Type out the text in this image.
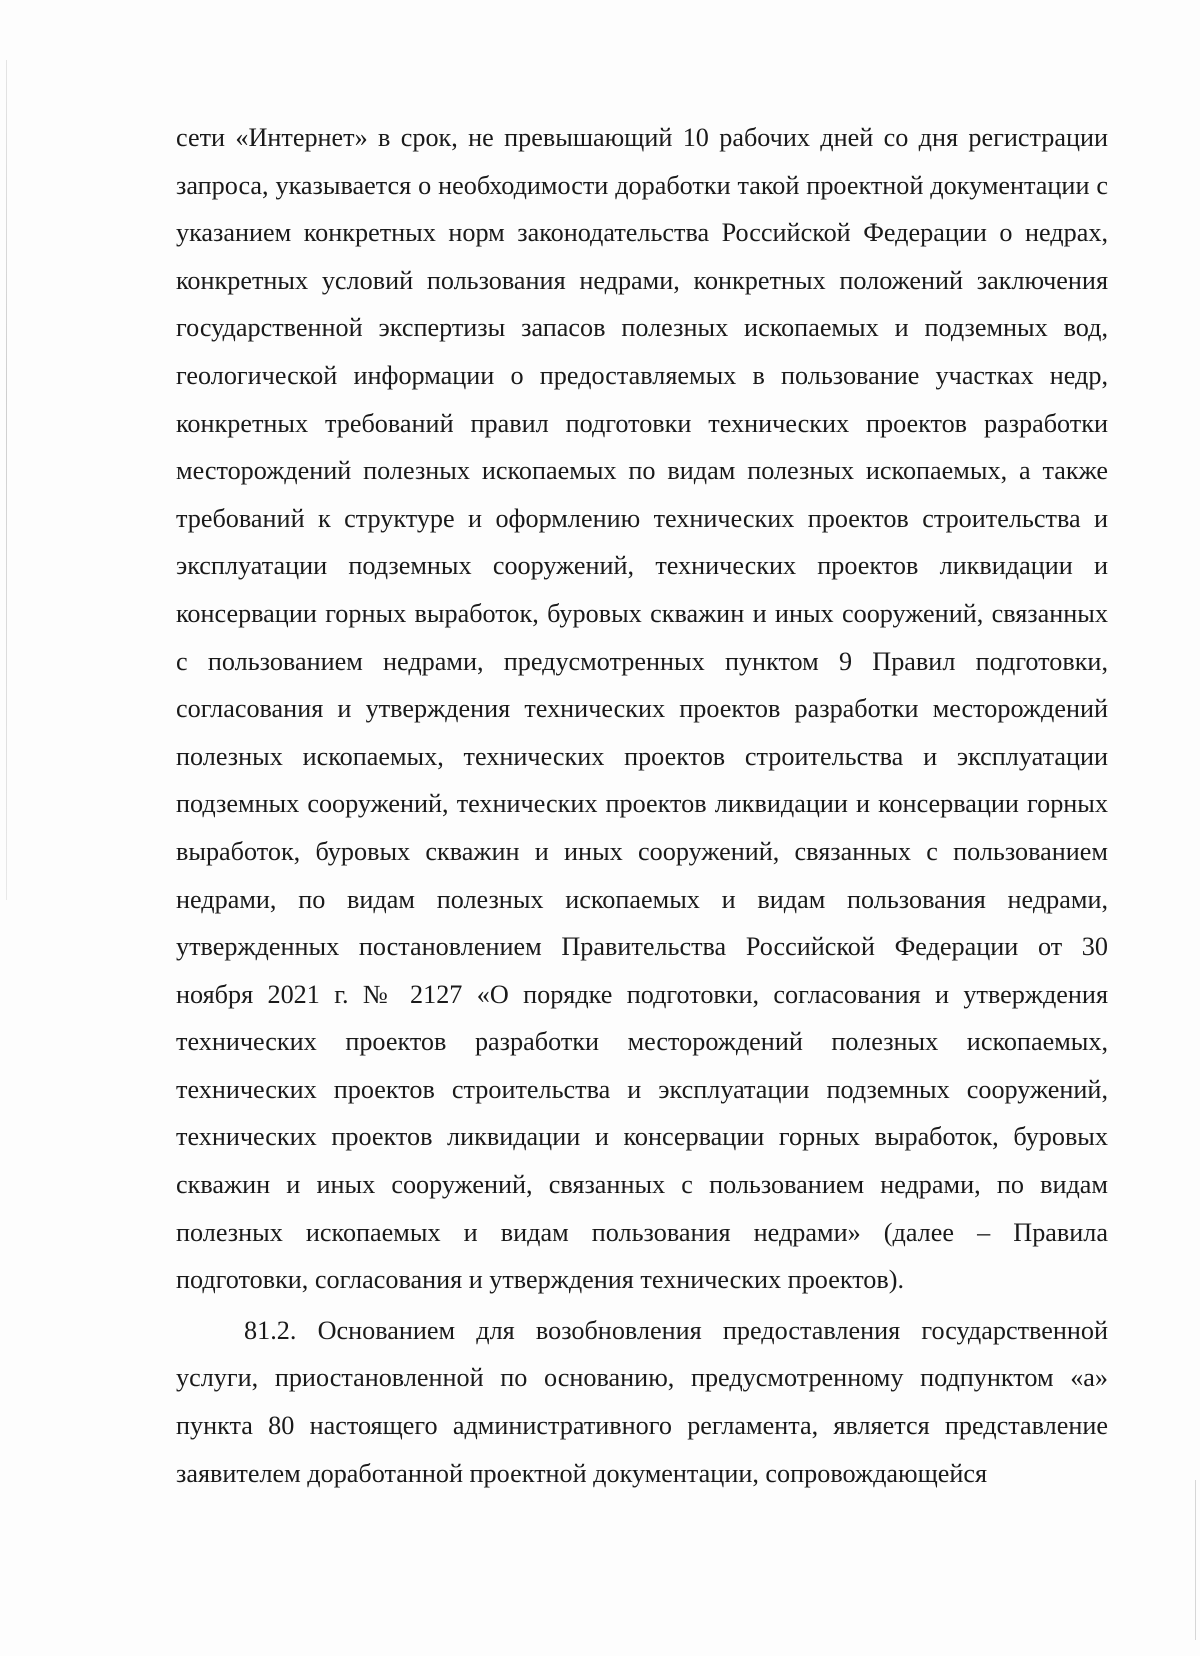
сети «Интернет» в срок, не превышающий 10 рабочих дней со дня регистрации запроса, указывается о необходимости доработки такой проектной документации с указанием конкретных норм законодательства Российской Федерации о недрах, конкретных условий пользования недрами, конкретных положений заключения государственной экспертизы запасов полезных ископаемых и подземных вод, геологической информации о предоставляемых в пользование участках недр, конкретных требований правил подготовки технических проектов разработки месторождений полезных ископаемых по видам полезных ископаемых, а также требований к структуре и оформлению технических проектов строительства и эксплуатации подземных сооружений, технических проектов ликвидации и консервации горных выработок, буровых скважин и иных сооружений, связанных с пользованием недрами, предусмотренных пунктом 9 Правил подготовки, согласования и утверждения технических проектов разработки месторождений полезных ископаемых, технических проектов строительства и эксплуатации подземных сооружений, технических проектов ликвидации и консервации горных выработок, буровых скважин и иных сооружений, связанных с пользованием недрами, по видам полезных ископаемых и видам пользования недрами, утвержденных постановлением Правительства Российской Федерации от 30 ноября 2021 г. № 2127 «О порядке подготовки, согласования и утверждения технических проектов разработки месторождений полезных ископаемых, технических проектов строительства и эксплуатации подземных сооружений, технических проектов ликвидации и консервации горных выработок, буровых скважин и иных сооружений, связанных с пользованием недрами, по видам полезных ископаемых и видам пользования недрами» (далее – Правила подготовки, согласования и утверждения технических проектов).

81.2. Основанием для возобновления предоставления государственной услуги, приостановленной по основанию, предусмотренному подпунктом «а» пункта 80 настоящего административного регламента, является представление заявителем доработанной проектной документации, сопровождающейся
